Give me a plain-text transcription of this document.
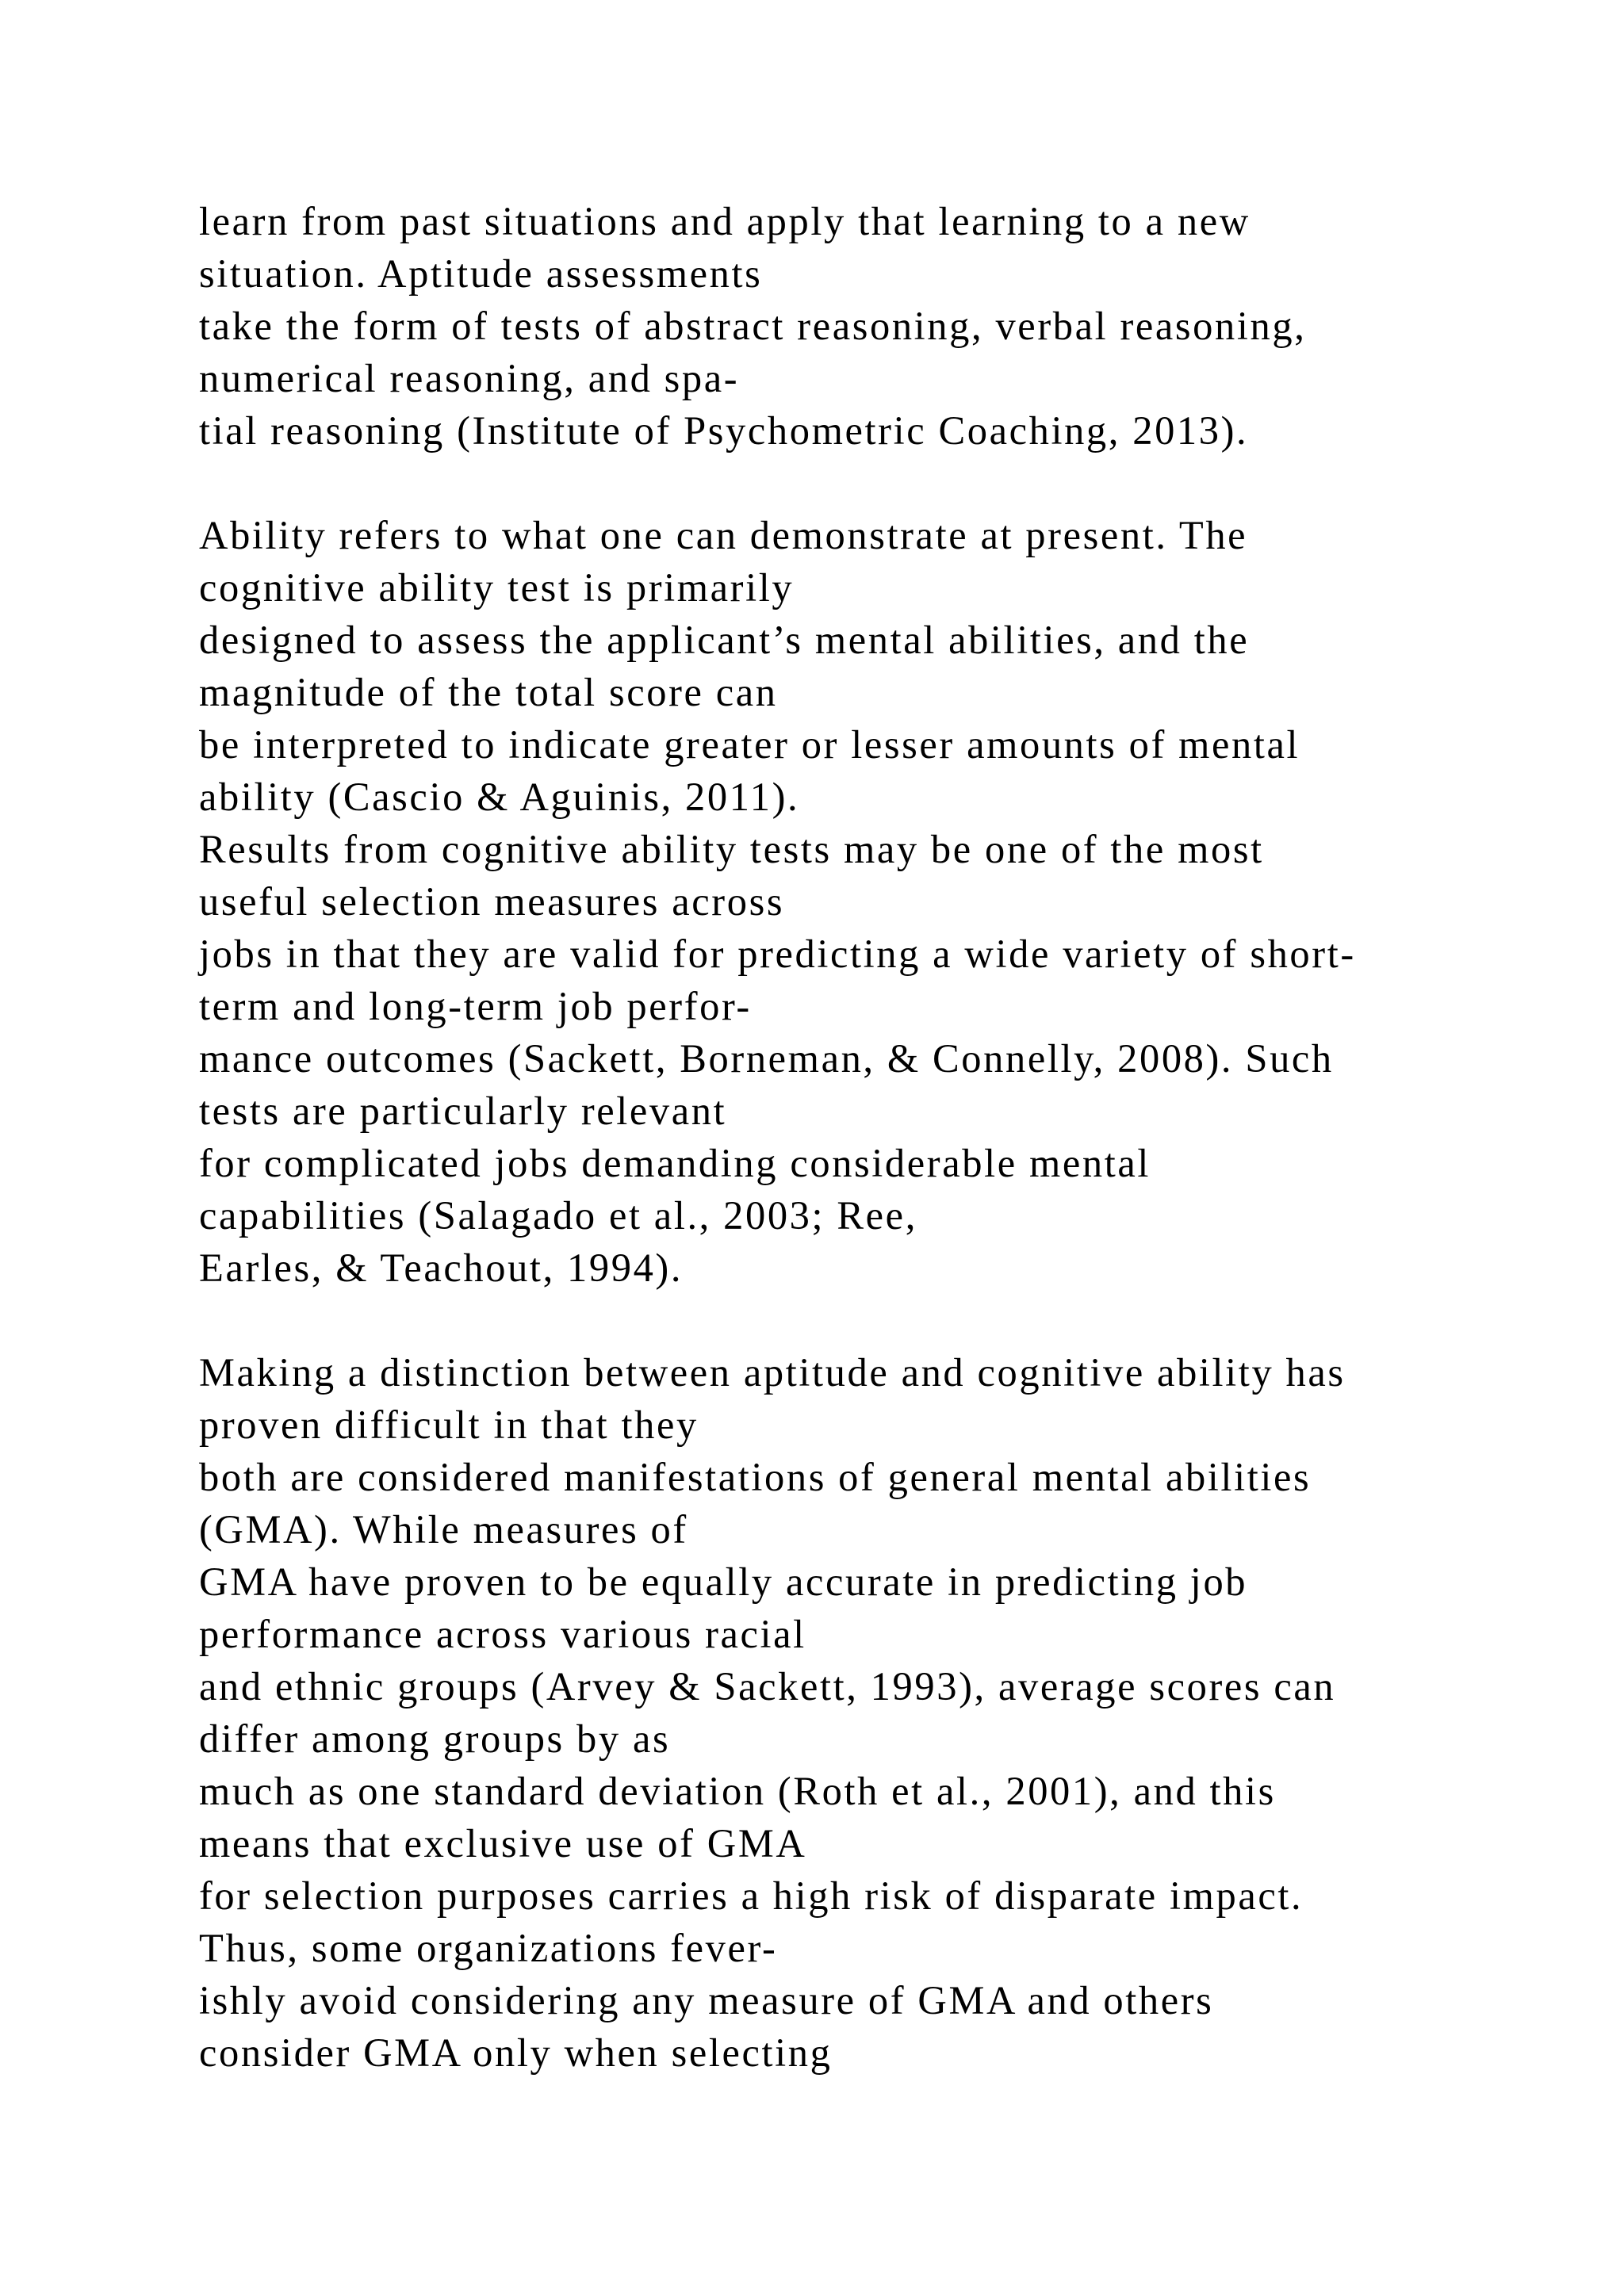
learn from past situations and apply that learning to a new
situation. Aptitude assessments
take the form of tests of abstract reasoning, verbal reasoning,
numerical reasoning, and spa-
tial reasoning (Institute of Psychometric Coaching, 2013).
Ability refers to what one can demonstrate at present. The
cognitive ability test is primarily
designed to assess the applicant’s mental abilities, and the
magnitude of the total score can
be interpreted to indicate greater or lesser amounts of mental
ability (Cascio & Aguinis, 2011).
Results from cognitive ability tests may be one of the most
useful selection measures across
jobs in that they are valid for predicting a wide variety of short-
term and long-term job perfor-
mance outcomes (Sackett, Borneman, & Connelly, 2008). Such
tests are particularly relevant
for complicated jobs demanding considerable mental
capabilities (Salagado et al., 2003; Ree,
Earles, & Teachout, 1994).
Making a distinction between aptitude and cognitive ability has
proven difficult in that they
both are considered manifestations of general mental abilities
(GMA). While measures of
GMA have proven to be equally accurate in predicting job
performance across various racial
and ethnic groups (Arvey & Sackett, 1993), average scores can
differ among groups by as
much as one standard deviation (Roth et al., 2001), and this
means that exclusive use of GMA
for selection purposes carries a high risk of disparate impact.
Thus, some organizations fever-
ishly avoid considering any measure of GMA and others
consider GMA only when selecting
